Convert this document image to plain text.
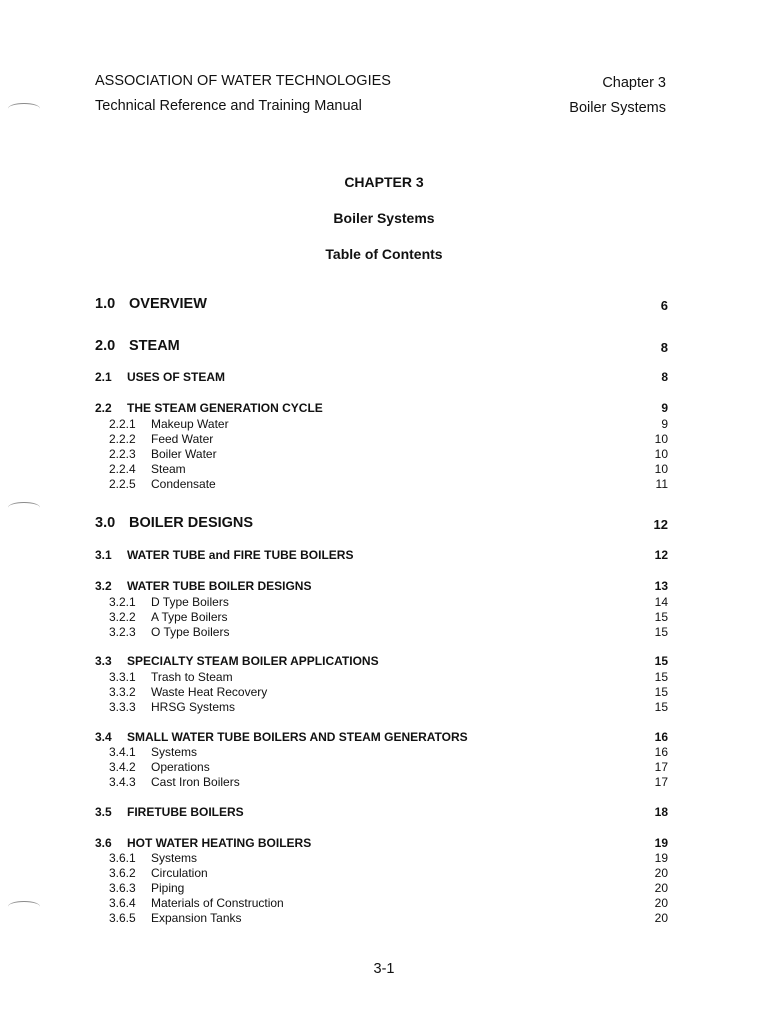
ASSOCIATION OF WATER TECHNOLOGIES
Technical Reference and Training Manual
Chapter 3
Boiler Systems
CHAPTER 3
Boiler Systems
Table of Contents
1.0 OVERVIEW	6
2.0 STEAM	8
2.1 USES OF STEAM	8
2.2 THE STEAM GENERATION CYCLE	9
2.2.1 Makeup Water	9
2.2.2 Feed Water	10
2.2.3 Boiler Water	10
2.2.4 Steam	10
2.2.5 Condensate	11
3.0 BOILER DESIGNS	12
3.1 WATER TUBE and FIRE TUBE BOILERS	12
3.2 WATER TUBE BOILER DESIGNS	13
3.2.1 D Type Boilers	14
3.2.2 A Type Boilers	15
3.2.3 O Type Boilers	15
3.3 SPECIALTY STEAM BOILER APPLICATIONS	15
3.3.1 Trash to Steam	15
3.3.2 Waste Heat Recovery	15
3.3.3 HRSG Systems	15
3.4 SMALL WATER TUBE BOILERS AND STEAM GENERATORS	16
3.4.1 Systems	16
3.4.2 Operations	17
3.4.3 Cast Iron Boilers	17
3.5 FIRETUBE BOILERS	18
3.6 HOT WATER HEATING BOILERS	19
3.6.1 Systems	19
3.6.2 Circulation	20
3.6.3 Piping	20
3.6.4 Materials of Construction	20
3.6.5 Expansion Tanks	20
3-1
